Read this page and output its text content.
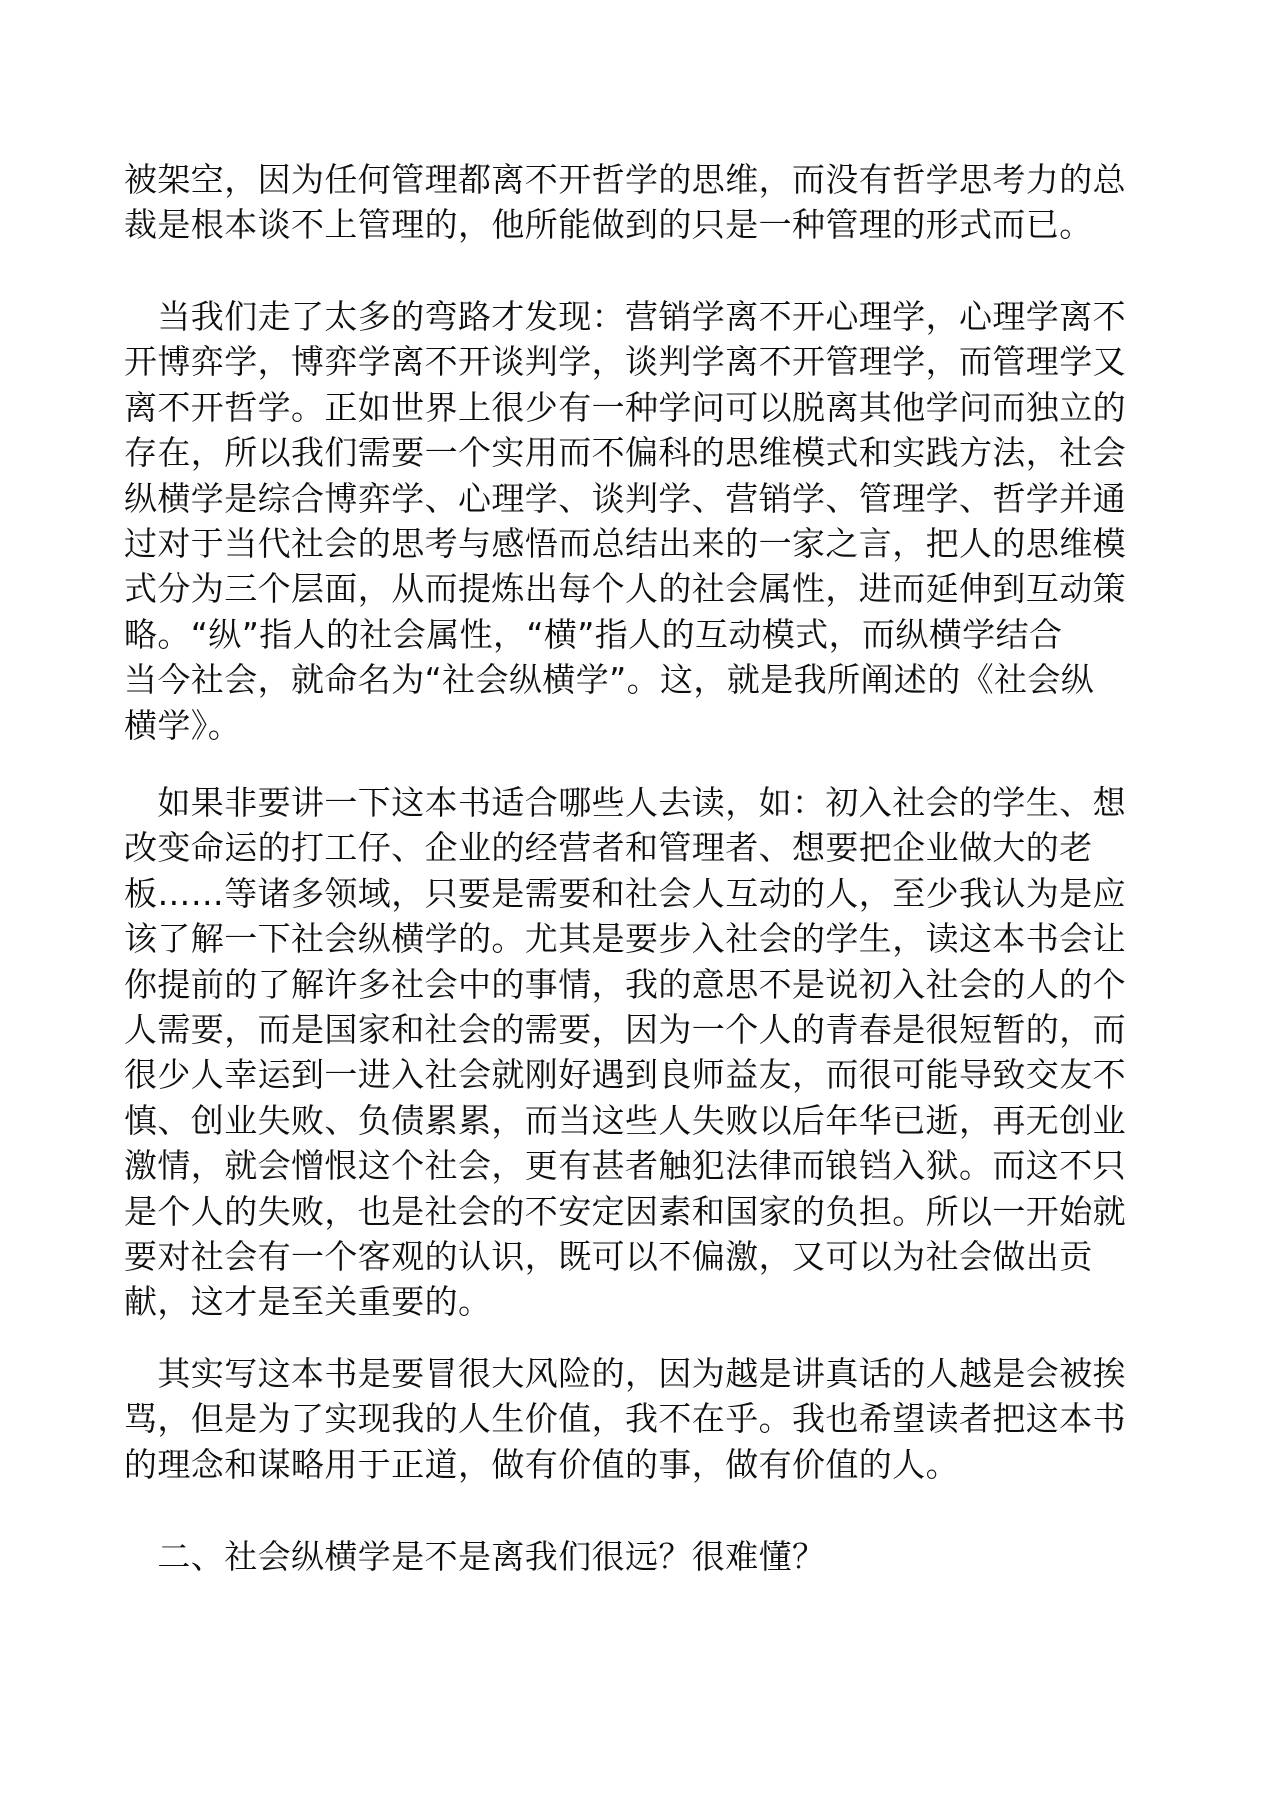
被架空，因为任何管理都离不开哲学的思维，而没有哲学思考力的总
裁是根本谈不上管理的，他所能做到的只是一种管理的形式而已。

　当我们走了太多的弯路才发现：营销学离不开心理学，心理学离不
开博弈学，博弈学离不开谈判学，谈判学离不开管理学，而管理学又
离不开哲学。正如世界上很少有一种学问可以脱离其他学问而独立的
存在，所以我们需要一个实用而不偏科的思维模式和实践方法，社会
纵横学是综合博弈学、心理学、谈判学、营销学、管理学、哲学并通
过对于当代社会的思考与感悟而总结出来的一家之言，把人的思维模
式分为三个层面，从而提炼出每个人的社会属性，进而延伸到互动策
略。“纵”指人的社会属性，“横”指人的互动模式，而纵横学结合
当今社会，就命名为“社会纵横学”。这，就是我所阐述的《社会纵
横学》。

　如果非要讲一下这本书适合哪些人去读，如：初入社会的学生、想
改变命运的打工仔、企业的经营者和管理者、想要把企业做大的老
板……等诸多领域，只要是需要和社会人互动的人，至少我认为是应
该了解一下社会纵横学的。尤其是要步入社会的学生，读这本书会让
你提前的了解许多社会中的事情，我的意思不是说初入社会的人的个
人需要，而是国家和社会的需要，因为一个人的青春是很短暂的，而
很少人幸运到一进入社会就刚好遇到良师益友，而很可能导致交友不
慎、创业失败、负债累累，而当这些人失败以后年华已逝，再无创业
激情，就会憎恨这个社会，更有甚者触犯法律而锒铛入狱。而这不只
是个人的失败，也是社会的不安定因素和国家的负担。所以一开始就
要对社会有一个客观的认识，既可以不偏激，又可以为社会做出贡
献，这才是至关重要的。

　其实写这本书是要冒很大风险的，因为越是讲真话的人越是会被挨
骂，但是为了实现我的人生价值，我不在乎。我也希望读者把这本书
的理念和谋略用于正道，做有价值的事，做有价值的人。

　二、社会纵横学是不是离我们很远？很难懂？
